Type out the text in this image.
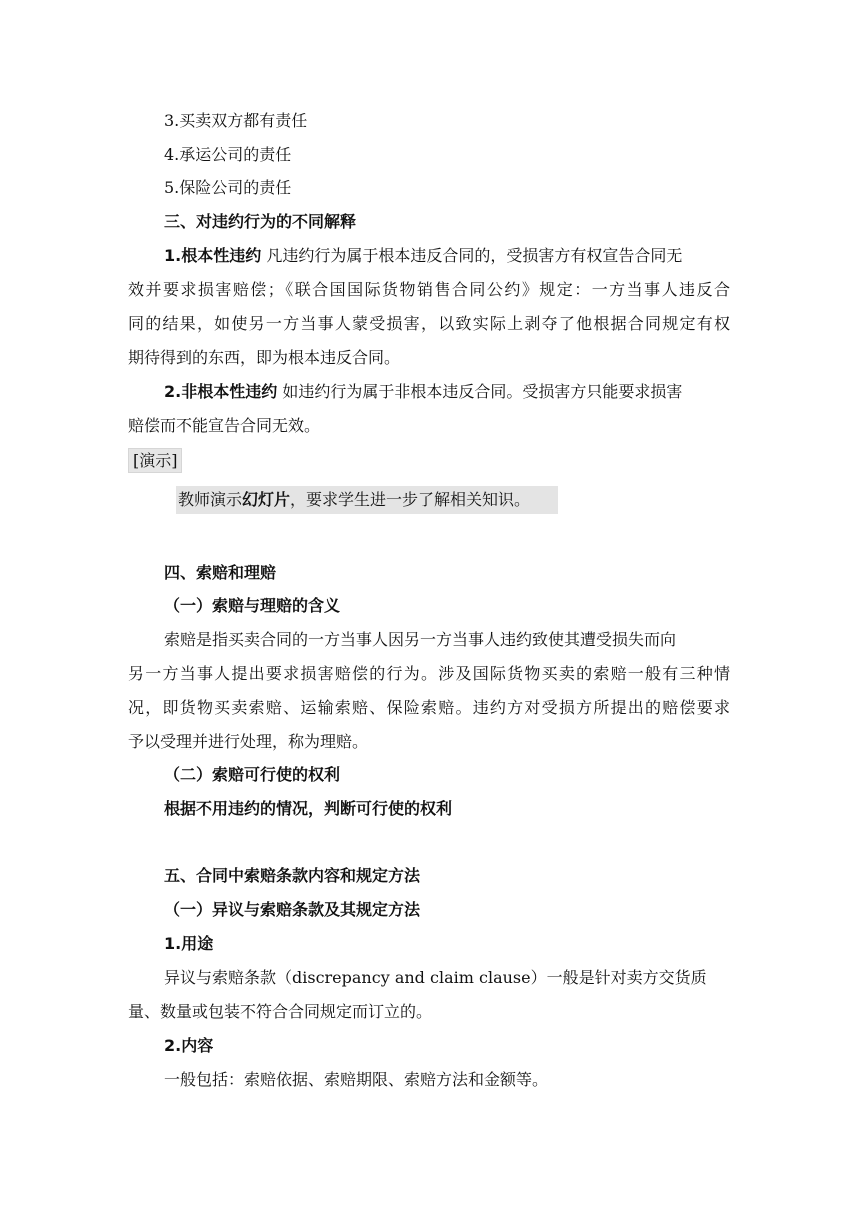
3.买卖双方都有责任
4.承运公司的责任
5.保险公司的责任
三、对违约行为的不同解释
1.根本性违约 凡违约行为属于根本违反合同的，受损害方有权宣告合同无
效并要求损害赔偿；《联合国国际货物销售合同公约》规定：一方当事人违反合
同的结果，如使另一方当事人蒙受损害，以致实际上剥夺了他根据合同规定有权
期待得到的东西，即为根本违反合同。
2.非根本性违约 如违约行为属于非根本违反合同。受损害方只能要求损害
赔偿而不能宣告合同无效。
[演示]
教师演示幻灯片，要求学生进一步了解相关知识。
四、索赔和理赔
（一）索赔与理赔的含义
索赔是指买卖合同的一方当事人因另一方当事人违约致使其遭受损失而向
另一方当事人提出要求损害赔偿的行为。涉及国际货物买卖的索赔一般有三种情
况，即货物买卖索赔、运输索赔、保险索赔。违约方对受损方所提出的赔偿要求
予以受理并进行处理，称为理赔。
（二）索赔可行使的权利
根据不用违约的情况，判断可行使的权利
五、合同中索赔条款内容和规定方法
（一）异议与索赔条款及其规定方法
1.用途
异议与索赔条款（discrepancy and claim clause）一般是针对卖方交货质
量、数量或包装不符合合同规定而订立的。
2.内容
一般包括：索赔依据、索赔期限、索赔方法和金额等。
